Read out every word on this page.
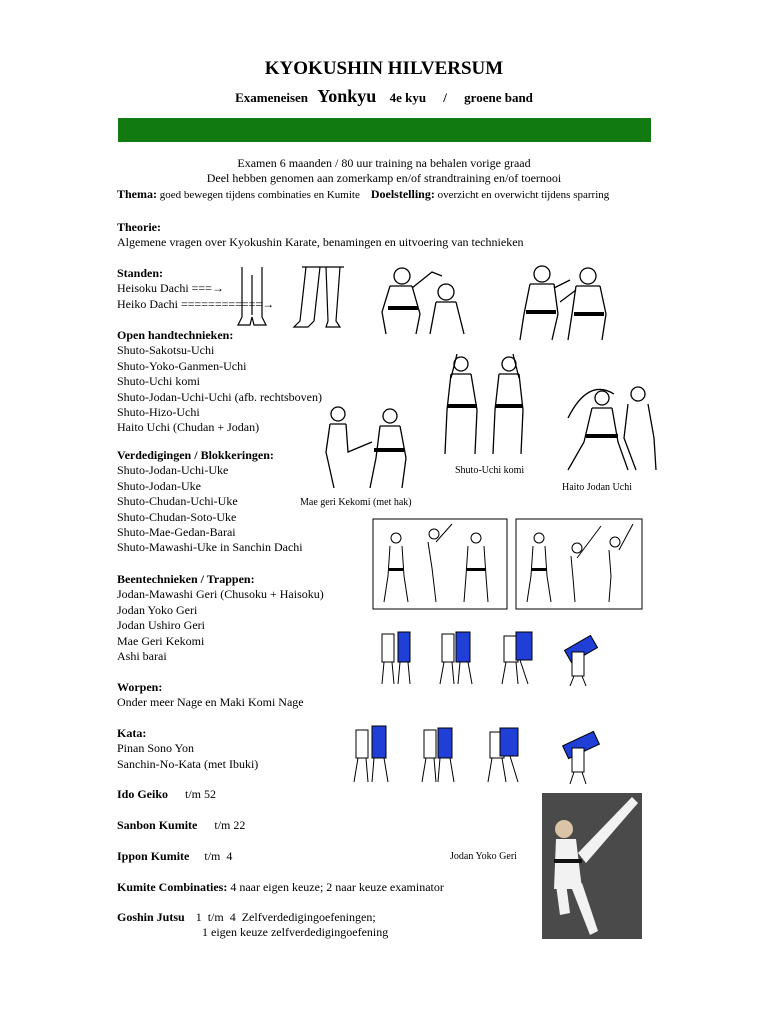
KYOKUSHIN HILVERSUM
Exameneisen Yonkyu 4e kyu / groene band
Examen 6 maanden / 80 uur training na behalen vorige graad
Deel hebben genomen aan zomerkamp en/of strandtraining en/of toernooi
Thema: goed bewegen tijdens combinaties en Kumite Doelstelling: overzicht en overwicht tijdens sparring
Theorie:
Algemene vragen over Kyokushin Karate, benamingen en uitvoering van technieken
Standen:
Heisoku Dachi ===→
Heiko Dachi ============→
Open handtechnieken:
Shuto-Sakotsu-Uchi
Shuto-Yoko-Ganmen-Uchi
Shuto-Uchi komi
Shuto-Jodan-Uchi-Uchi (afb. rechtsboven)
Shuto-Hizo-Uchi
Haito Uchi (Chudan + Jodan)
Verdedigingen / Blokkeringen:
Shuto-Jodan-Uchi-Uke
Shuto-Jodan-Uke
Shuto-Chudan-Uchi-Uke
Shuto-Chudan-Soto-Uke
Shuto-Mae-Gedan-Barai
Shuto-Mawashi-Uke in Sanchin Dachi
Beentechnieken / Trappen:
Jodan-Mawashi Geri (Chusoku + Haisoku)
Jodan Yoko Geri
Jodan Ushiro Geri
Mae Geri Kekomi
Ashi barai
Worpen:
Onder meer Nage en Maki Komi Nage
Kata:
Pinan Sono Yon
Sanchin-No-Kata (met Ibuki)
Ido Geiko t/m 52
Sanbon Kumite t/m 22
Ippon Kumite t/m  4
Kumite Combinaties: 4 naar eigen keuze; 2 naar keuze examinator
Goshin Jutsu 1  t/m  4  Zelfverdedigingoefeningen;
1 eigen keuze zelfverdedigingoefening
Shuto-Uchi komi
Haito Jodan Uchi
Mae geri Kekomi (met hak)
Jodan Yoko Geri
